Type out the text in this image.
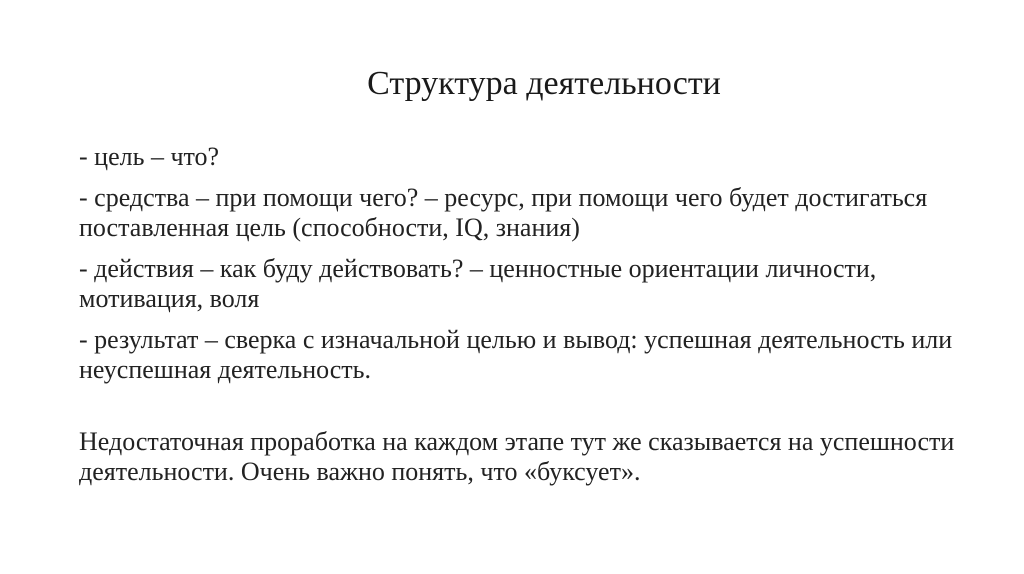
Структура деятельности
- цель – что?
- средства – при помощи чего? – ресурс, при помощи чего будет достигаться поставленная цель (способности, IQ, знания)
- действия – как буду действовать? – ценностные ориентации личности, мотивация, воля
- результат – сверка с изначальной целью и вывод: успешная деятельность или неуспешная деятельность.
Недостаточная проработка на каждом этапе тут же сказывается на успешности деятельности. Очень важно понять, что «буксует».
